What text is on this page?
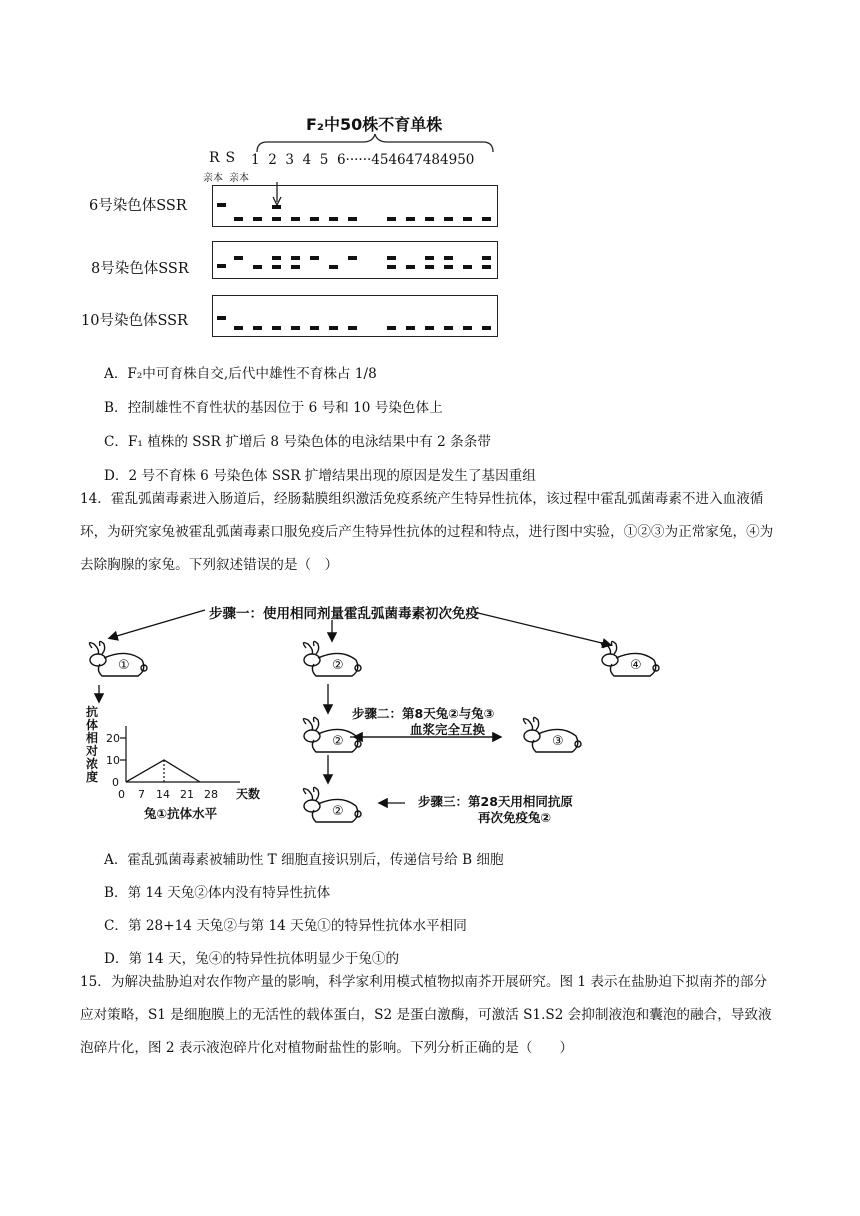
F₂中50株不育单株
R S 1 2 3 4 5 6······454647484950
亲本 亲本
6号染色体SSR
8号染色体SSR
10号染色体SSR
A．F₂中可育株自交,后代中雄性不育株占 1/8
B．控制雄性不育性状的基因位于 6 号和 10 号染色体上
C．F₁ 植株的 SSR 扩增后 8 号染色体的电泳结果中有 2 条条带
D．2 号不育株 6 号染色体 SSR 扩增结果出现的原因是发生了基因重组
14．霍乱弧菌毒素进入肠道后，经肠黏膜组织激活免疫系统产生特异性抗体，该过程中霍乱弧菌毒素不进入血液循环，为研究家兔被霍乱弧菌毒素口服免疫后产生特异性抗体的过程和特点，进行图中实验，①②③为正常家兔，④为去除胸腺的家兔。下列叙述错误的是（　）
步骤一：使用相同剂量霍乱弧菌毒素初次免疫
①	②	④
②	③
②
步骤二：第8天兔②与兔③
血浆完全互换
步骤三：第28天用相同抗原
再次免疫兔②
抗体相对浓度
20
10
0
0 7 14 21 28 天数
兔①抗体水平
A．霍乱弧菌毒素被辅助性 T 细胞直接识别后，传递信号给 B 细胞
B．第 14 天兔②体内没有特异性抗体
C．第 28+14 天兔②与第 14 天兔①的特异性抗体水平相同
D．第 14 天，兔④的特异性抗体明显少于兔①的
15．为解决盐胁迫对农作物产量的影响，科学家利用模式植物拟南芥开展研究。图 1 表示在盐胁迫下拟南芥的部分应对策略，S1 是细胞膜上的无活性的载体蛋白，S2 是蛋白激酶，可激活 S1.S2 会抑制液泡和囊泡的融合，导致液泡碎片化，图 2 表示液泡碎片化对植物耐盐性的影响。下列分析正确的是（　　）
